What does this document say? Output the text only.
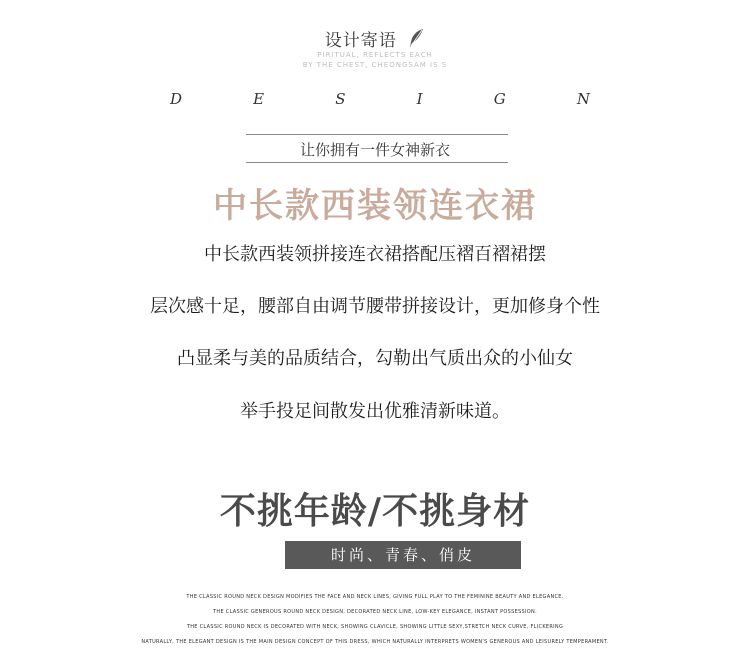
设计寄语
PIRITUAL, REFLECTS EACH
BY THE CHEST, CHEONGSAM IS S
D	E	S	I	G	N
让你拥有一件女神新衣
中长款西装领连衣裙
中长款西装领拼接连衣裙搭配压褶百褶裙摆
层次感十足，腰部自由调节腰带拼接设计，更加修身个性
凸显柔与美的品质结合，勾勒出气质出众的小仙女
举手投足间散发出优雅清新味道。
不挑年龄/不挑身材
时尚、青春、俏皮
THE CLASSIC ROUND NECK DESIGN MODIFIES THE FACE AND NECK LINES, GIVING FULL PLAY TO THE FEMININE BEAUTY AND ELEGANCE.
THE CLASSIC GENEROUS ROUND NECK DESIGN, DECORATED NECK LINE, LOW-KEY ELEGANCE, INSTANT POSSESSION.
THE CLASSIC ROUND NECK IS DECORATED WITH NECK, SHOWING CLAVICLE, SHOWING LITTLE SEXY,STRETCH NECK CURVE, FLICKERING
NATURALLY, THE ELEGANT DESIGN IS THE MAIN DESIGN CONCEPT OF THIS DRESS, WHICH NATURALLY INTERPRETS WOMEN'S GENEROUS AND LEISURELY TEMPERAMENT.
